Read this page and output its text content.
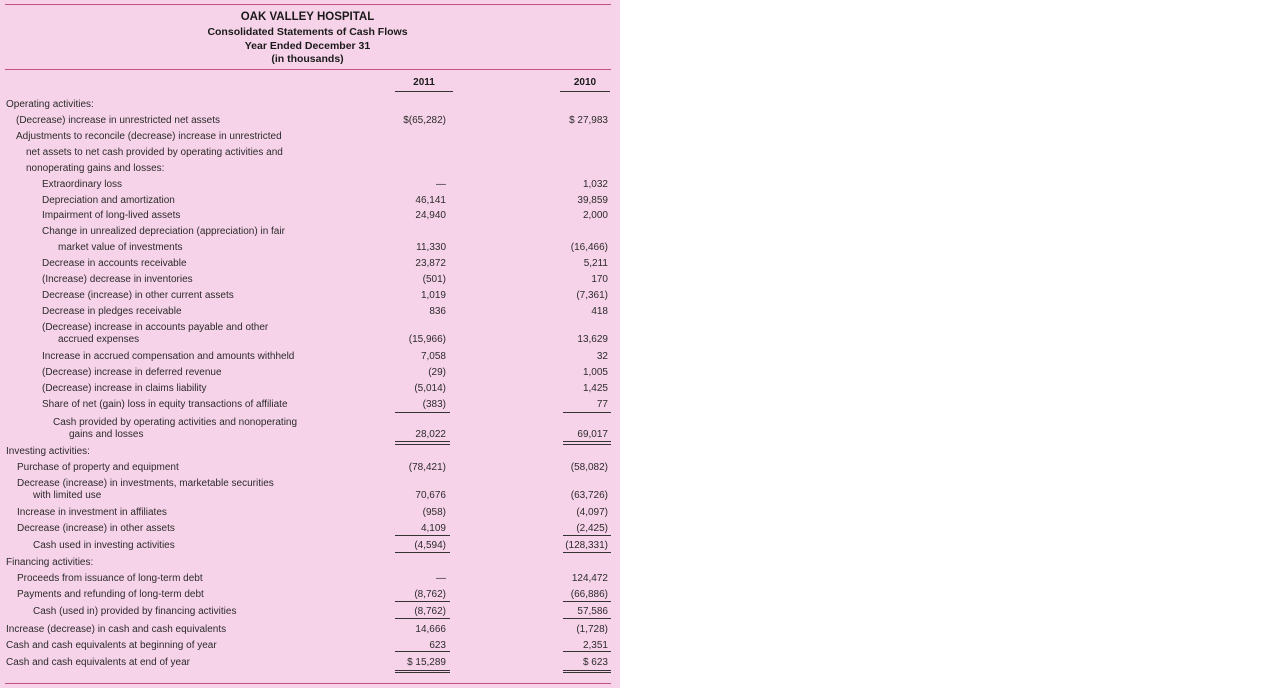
OAK VALLEY HOSPITAL
Consolidated Statements of Cash Flows
Year Ended December 31
(in thousands)
2011	2010
Operating activities:
(Decrease) increase in unrestricted net assets	$(65,282)	$ 27,983
Adjustments to reconcile (decrease) increase in unrestricted
net assets to net cash provided by operating activities and
nonoperating gains and losses:
Extraordinary loss	—	1,032
Depreciation and amortization	46,141	39,859
Impairment of long-lived assets	24,940	2,000
Change in unrealized depreciation (appreciation) in fair
market value of investments	11,330	(16,466)
Decrease in accounts receivable	23,872	5,211
(Increase) decrease in inventories	(501)	170
Decrease (increase) in other current assets	1,019	(7,361)
Decrease in pledges receivable	836	418
(Decrease) increase in accounts payable and other
accrued expenses	(15,966)	13,629
Increase in accrued compensation and amounts withheld	7,058	32
(Decrease) increase in deferred revenue	(29)	1,005
(Decrease) increase in claims liability	(5,014)	1,425
Share of net (gain) loss in equity transactions of affiliate	(383)	77
Cash provided by operating activities and nonoperating
gains and losses	28,022	69,017
Investing activities:
Purchase of property and equipment	(78,421)	(58,082)
Decrease (increase) in investments, marketable securities
with limited use	70,676	(63,726)
Increase in investment in affiliates	(958)	(4,097)
Decrease (increase) in other assets	4,109	(2,425)
Cash used in investing activities	(4,594)	(128,331)
Financing activities:
Proceeds from issuance of long-term debt	—	124,472
Payments and refunding of long-term debt	(8,762)	(66,886)
Cash (used in) provided by financing activities	(8,762)	57,586
Increase (decrease) in cash and cash equivalents	14,666	(1,728)
Cash and cash equivalents at beginning of year	623	2,351
Cash and cash equivalents at end of year	$ 15,289	$ 623
